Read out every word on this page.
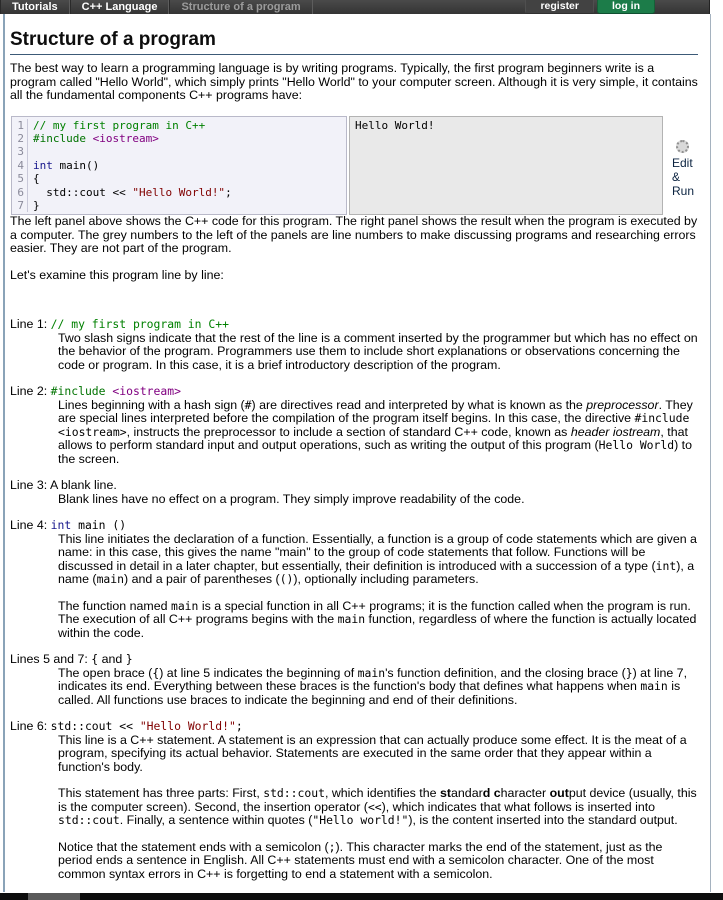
Tutorials	C++ Language	Structure of a program	register	log in
Structure of a program

The best way to learn a programming language is by writing programs. Typically, the first program beginners write is a program called "Hello World", which simply prints "Hello World" to your computer screen. Although it is very simple, it contains all the fundamental components C++ programs have:

1 // my first program in C++
2 #include <iostream>
3

4 int main()
5 {
6 std::cout << "Hello World!";
7 }
Hello World!
Edit
&
Run

The left panel above shows the C++ code for this program. The right panel shows the result when the program is executed by a computer. The grey numbers to the left of the panels are line numbers to make discussing programs and researching errors easier. They are not part of the program.

Let's examine this program line by line:

Line 1: // my first program in C++

Two slash signs indicate that the rest of the line is a comment inserted by the programmer but which has no effect on the behavior of the program. Programmers use them to include short explanations or observations concerning the code or program. In this case, it is a brief introductory description of the program.

Line 2: #include <iostream>

Lines beginning with a hash sign (#) are directives read and interpreted by what is known as the preprocessor. They are special lines interpreted before the compilation of the program itself begins. In this case, the directive #include <iostream>, instructs the preprocessor to include a section of standard C++ code, known as header iostream, that allows to perform standard input and output operations, such as writing the output of this program (Hello World) to the screen.

Line 3: A blank line.

Blank lines have no effect on a program. They simply improve readability of the code.

Line 4: int main ()

This line initiates the declaration of a function. Essentially, a function is a group of code statements which are given a name: in this case, this gives the name "main" to the group of code statements that follow. Functions will be discussed in detail in a later chapter, but essentially, their definition is introduced with a succession of a type (int), a name (main) and a pair of parentheses (()), optionally including parameters.

The function named main is a special function in all C++ programs; it is the function called when the program is run. The execution of all C++ programs begins with the main function, regardless of where the function is actually located within the code.

Lines 5 and 7: { and }

The open brace ({) at line 5 indicates the beginning of main's function definition, and the closing brace (}) at line 7, indicates its end. Everything between these braces is the function's body that defines what happens when main is called. All functions use braces to indicate the beginning and end of their definitions.

Line 6: std::cout << "Hello World!";

This line is a C++ statement. A statement is an expression that can actually produce some effect. It is the meat of a program, specifying its actual behavior. Statements are executed in the same order that they appear within a function's body.

This statement has three parts: First, std::cout, which identifies the standard character output device (usually, this is the computer screen). Second, the insertion operator (<<), which indicates that what follows is inserted into std::cout. Finally, a sentence within quotes ("Hello world!"), is the content inserted into the standard output.

Notice that the statement ends with a semicolon (;). This character marks the end of the statement, just as the period ends a sentence in English. All C++ statements must end with a semicolon character. One of the most common syntax errors in C++ is forgetting to end a statement with a semicolon.
